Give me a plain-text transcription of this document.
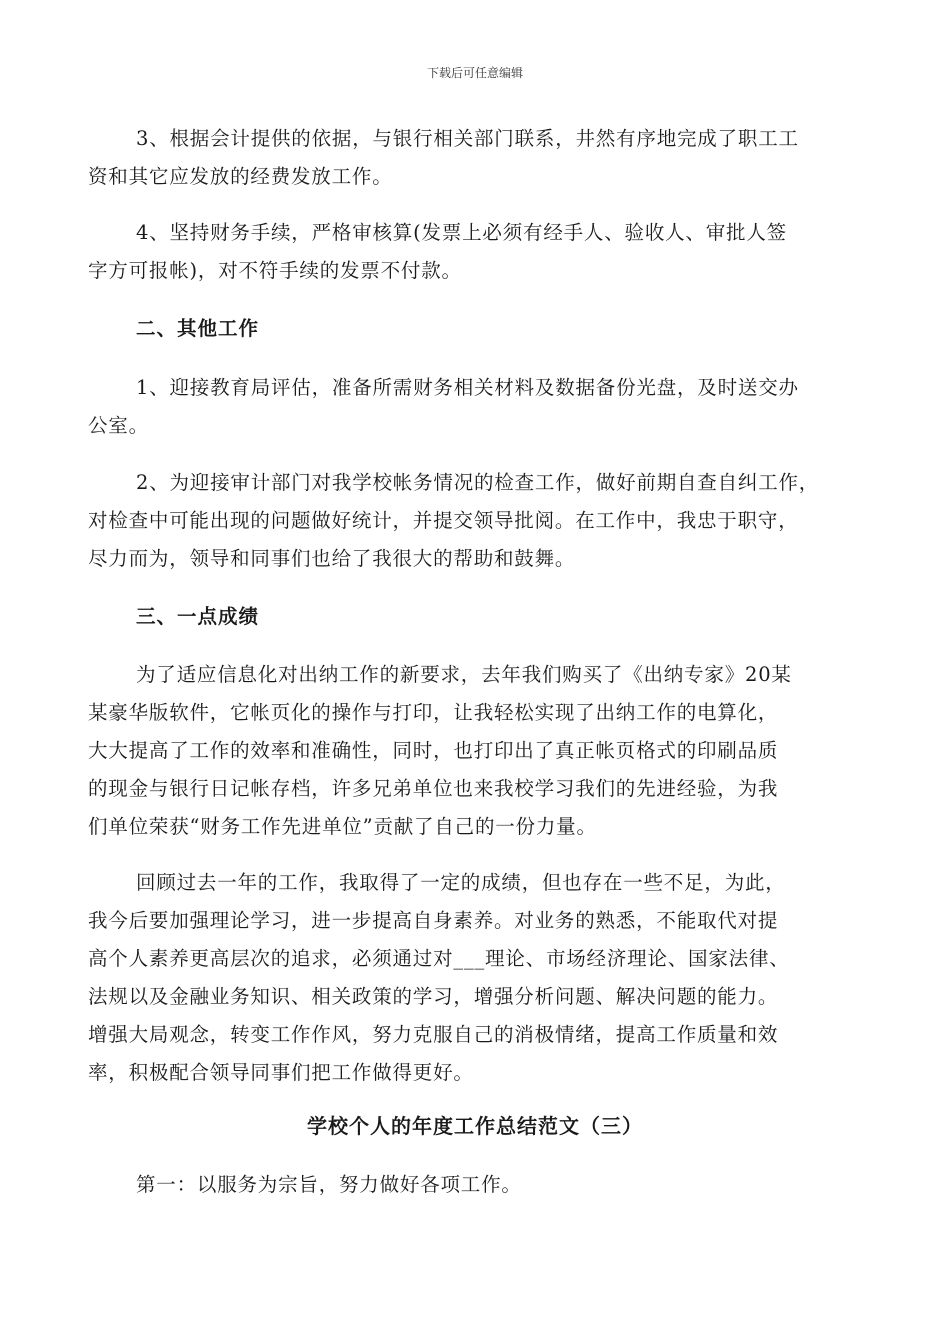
下载后可任意编辑
3、根据会计提供的依据，与银行相关部门联系，井然有序地完成了职工工
资和其它应发放的经费发放工作。
4、坚持财务手续，严格审核算(发票上必须有经手人、验收人、审批人签
字方可报帐)，对不符手续的发票不付款。
二、其他工作
1、迎接教育局评估，准备所需财务相关材料及数据备份光盘，及时送交办
公室。
2、为迎接审计部门对我学校帐务情况的检查工作，做好前期自查自纠工作，
对检查中可能出现的问题做好统计，并提交领导批阅。在工作中，我忠于职守，
尽力而为，领导和同事们也给了我很大的帮助和鼓舞。
三、一点成绩
为了适应信息化对出纳工作的新要求，去年我们购买了《出纳专家》20某
某豪华版软件，它帐页化的操作与打印，让我轻松实现了出纳工作的电算化，
大大提高了工作的效率和准确性，同时，也打印出了真正帐页格式的印刷品质
的现金与银行日记帐存档，许多兄弟单位也来我校学习我们的先进经验，为我
们单位荣获“财务工作先进单位”贡献了自己的一份力量。
回顾过去一年的工作，我取得了一定的成绩，但也存在一些不足，为此，
我今后要加强理论学习，进一步提高自身素养。对业务的熟悉，不能取代对提
高个人素养更高层次的追求，必须通过对___理论、市场经济理论、国家法律、
法规以及金融业务知识、相关政策的学习，增强分析问题、解决问题的能力。
增强大局观念，转变工作作风，努力克服自己的消极情绪，提高工作质量和效
率，积极配合领导同事们把工作做得更好。
学校个人的年度工作总结范文（三）
第一：以服务为宗旨，努力做好各项工作。
